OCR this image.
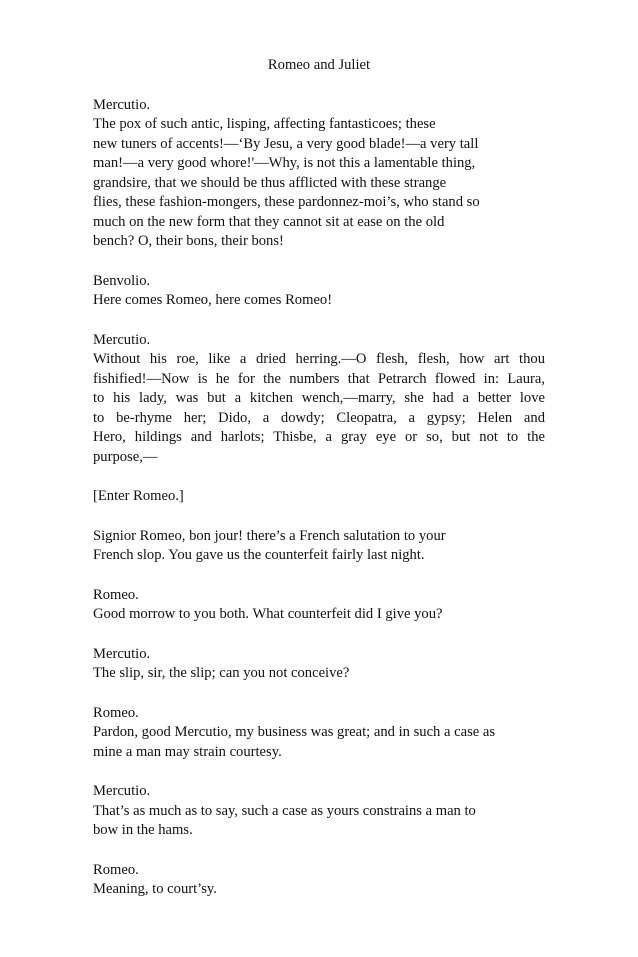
Romeo and Juliet
Mercutio.
The pox of such antic, lisping, affecting fantasticoes; these
new tuners of accents!—‘By Jesu, a very good blade!—a very tall
man!—a very good whore!'—Why, is not this a lamentable thing,
grandsire, that we should be thus afflicted with these strange
flies, these fashion-mongers, these pardonnez-moi’s, who stand so
much on the new form that they cannot sit at ease on the old
bench? O, their bons, their bons!
Benvolio.
Here comes Romeo, here comes Romeo!
Mercutio.
Without his roe, like a dried herring.—O flesh, flesh, how art thou
fishified!—Now is he for the numbers that Petrarch flowed in: Laura,
to his lady, was but a kitchen wench,—marry, she had a better love
to be-rhyme her; Dido, a dowdy; Cleopatra, a gypsy; Helen and
Hero, hildings and harlots; Thisbe, a gray eye or so, but not to the
purpose,—
[Enter Romeo.]
Signior Romeo, bon jour! there’s a French salutation to your
French slop. You gave us the counterfeit fairly last night.
Romeo.
Good morrow to you both. What counterfeit did I give you?
Mercutio.
The slip, sir, the slip; can you not conceive?
Romeo.
Pardon, good Mercutio, my business was great; and in such a case as
mine a man may strain courtesy.
Mercutio.
That’s as much as to say, such a case as yours constrains a man to
bow in the hams.
Romeo.
Meaning, to court’sy.
